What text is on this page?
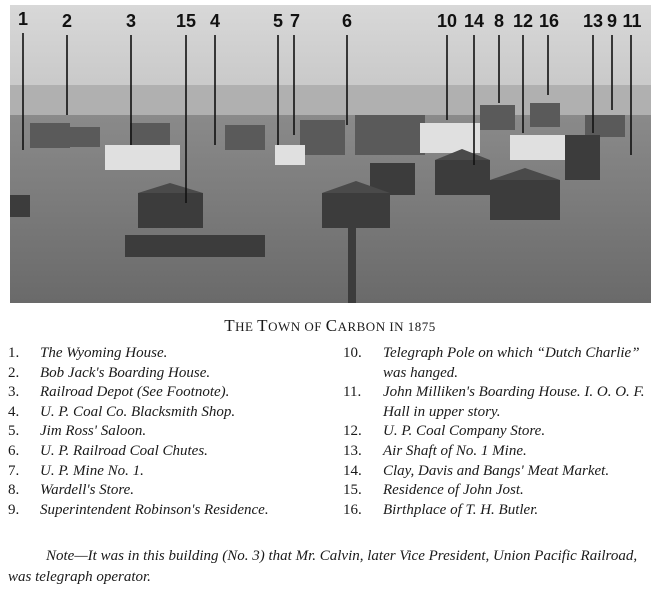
1 2	3 15 4	5 7 6	10 14 8 12 16 13 9 11
THE TOWN OF CARBON IN 1875
1.	The Wyoming House.
2.	Bob Jack's Boarding House.
3.	Railroad Depot (See Footnote).
4.	U. P. Coal Co. Blacksmith Shop.
5.	Jim Ross' Saloon.
6.	U. P. Railroad Coal Chutes.
7.	U. P. Mine No. 1.
8.	Wardell's Store.
9.	Superintendent Robinson's Residence.
10.	Telegraph Pole on which “Dutch Charlie” was hanged.
11.	John Milliken's Boarding House. I. O. O. F. Hall in upper story.
12.	U. P. Coal Company Store.
13.	Air Shaft of No. 1 Mine.
14.	Clay, Davis and Bangs' Meat Market.
15.	Residence of John Jost.
16.	Birthplace of T. H. Butler.
Note—It was in this building (No. 3) that Mr. Calvin, later Vice President, Union Pacific Railroad, was telegraph operator.
